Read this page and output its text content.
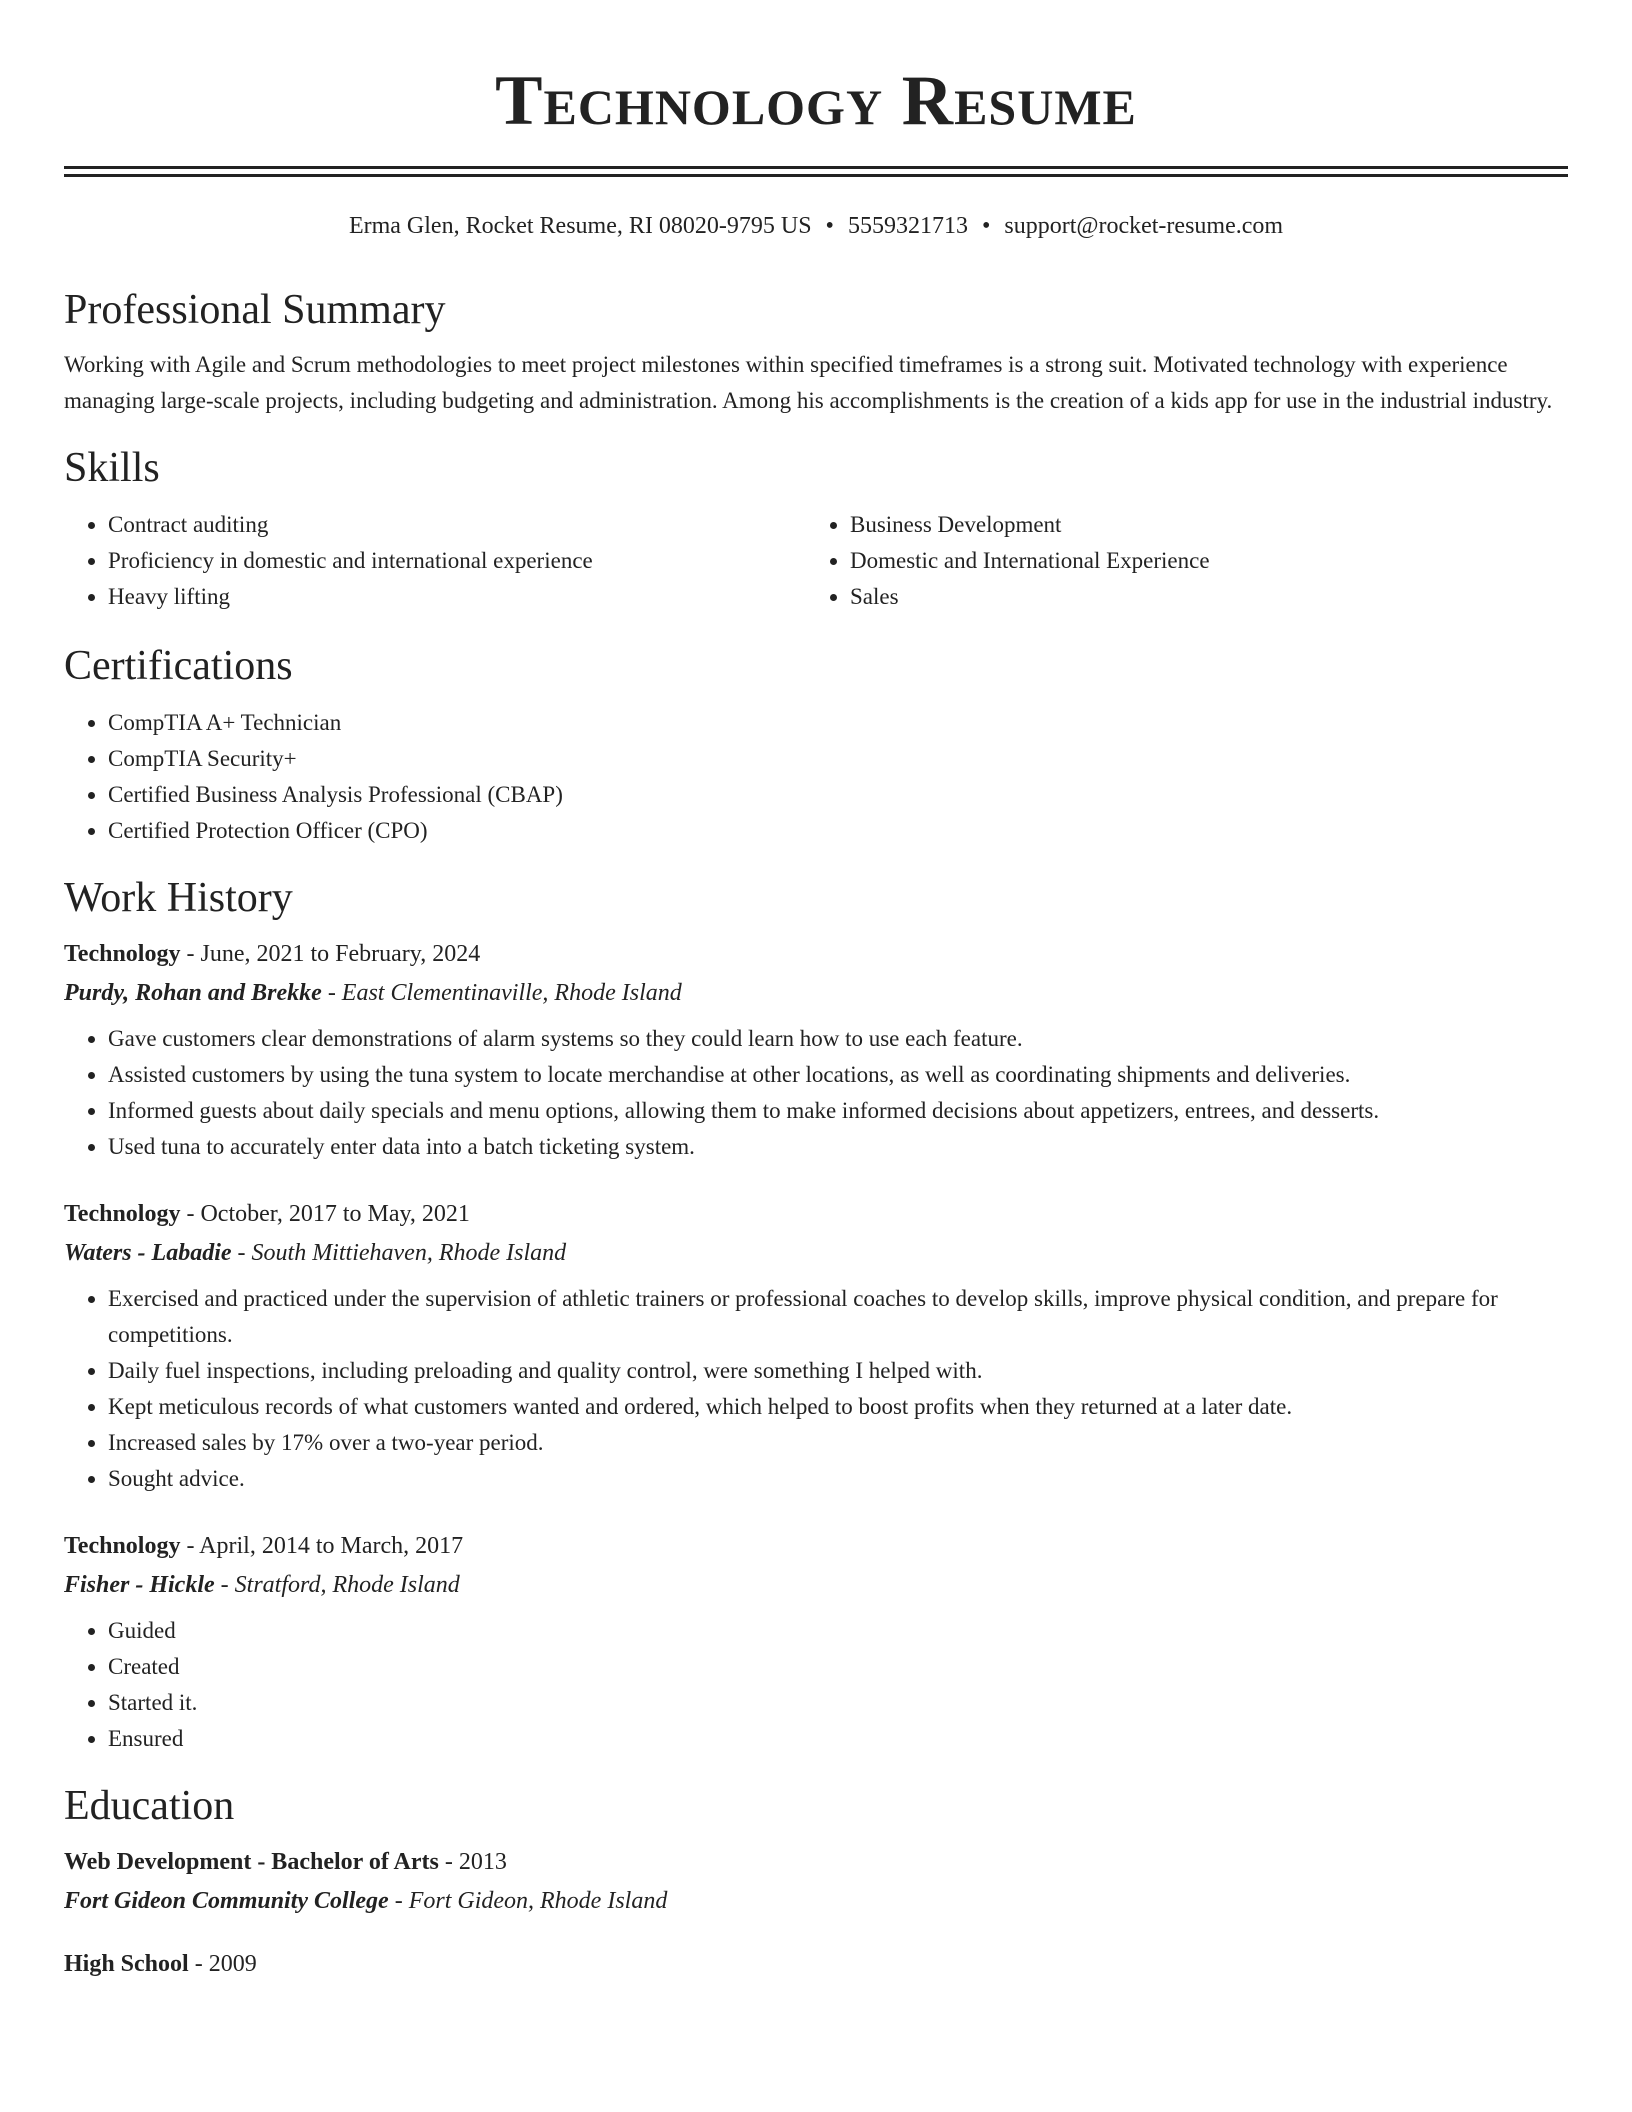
Technology Resume
Erma Glen, Rocket Resume, RI 08020-9795 US • 5559321713 • support@rocket-resume.com
Professional Summary

Working with Agile and Scrum methodologies to meet project milestones within specified timeframes is a strong suit. Motivated technology with experience managing large-scale projects, including budgeting and administration. Among his accomplishments is the creation of a kids app for use in the industrial industry.

Skills
• Contract auditing
• Proficiency in domestic and international experience
• Heavy lifting
• Business Development
• Domestic and International Experience
• Sales
Certifications
• CompTIA A+ Technician
• CompTIA Security+
• Certified Business Analysis Professional (CBAP)
• Certified Protection Officer (CPO)
Work History
Technology - June, 2021 to February, 2024
Purdy, Rohan and Brekke - East Clementinaville, Rhode Island
• Gave customers clear demonstrations of alarm systems so they could learn how to use each feature.
• Assisted customers by using the tuna system to locate merchandise at other locations, as well as coordinating shipments and deliveries.
• Informed guests about daily specials and menu options, allowing them to make informed decisions about appetizers, entrees, and desserts.
• Used tuna to accurately enter data into a batch ticketing system.
Technology - October, 2017 to May, 2021
Waters - Labadie - South Mittiehaven, Rhode Island
• Exercised and practiced under the supervision of athletic trainers or professional coaches to develop skills, improve physical condition, and prepare for competitions.
• Daily fuel inspections, including preloading and quality control, were something I helped with.
• Kept meticulous records of what customers wanted and ordered, which helped to boost profits when they returned at a later date.
• Increased sales by 17% over a two-year period.
• Sought advice.
Technology - April, 2014 to March, 2017
Fisher - Hickle - Stratford, Rhode Island
• Guided
• Created
• Started it.
• Ensured
Education
Web Development - Bachelor of Arts - 2013
Fort Gideon Community College - Fort Gideon, Rhode Island
High School - 2009
